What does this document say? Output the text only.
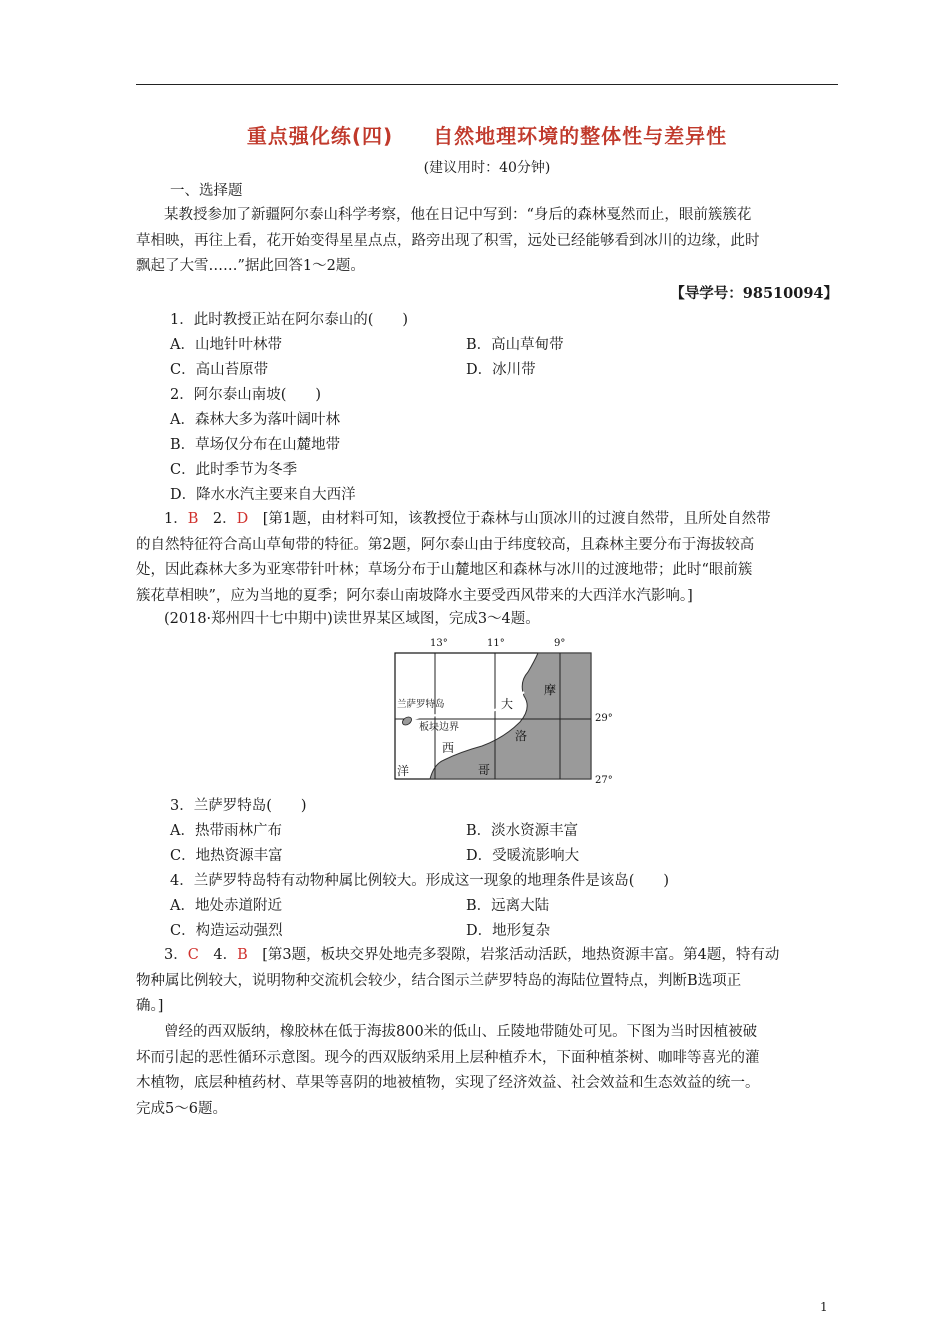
重点强化练(四) 自然地理环境的整体性与差异性
(建议用时：40分钟)
一、选择题
某教授参加了新疆阿尔泰山科学考察，他在日记中写到：“身后的森林戛然而止，眼前簇簇花
草相映，再往上看，花开始变得星星点点，路旁出现了积雪，远处已经能够看到冰川的边缘，此时
飘起了大雪……”据此回答1～2题。
【导学号：98510094】
1．此时教授正站在阿尔泰山的(　　)
A．山地针叶林带	B．高山草甸带
C．高山苔原带	D．冰川带
2．阿尔泰山南坡(　　)
A．森林大多为落叶阔叶林
B．草场仅分布在山麓地带
C．此时季节为冬季
D．降水水汽主要来自大西洋
1．B　 2．D　 [第1题，由材料可知，该教授位于森林与山顶冰川的过渡自然带，且所处自然带
的自然特征符合高山草甸带的特征。第2题，阿尔泰山由于纬度较高，且森林主要分布于海拔较高
处，因此森林大多为亚寒带针叶林；草场分布于山麓地区和森林与冰川的过渡地带；此时“眼前簇
簇花草相映”，应为当地的夏季；阿尔泰山南坡降水主要受西风带来的大西洋水汽影响。]
(2018·郑州四十七中期中)读世界某区域图，完成3～4题。
13°	11°	9°
29°
27°
兰萨罗特岛
板块边界
大
西
洋
摩
洛
哥
3．兰萨罗特岛(　　)
A．热带雨林广布	B．淡水资源丰富
C．地热资源丰富	D．受暖流影响大
4．兰萨罗特岛特有动物种属比例较大。形成这一现象的地理条件是该岛(　　)
A．地处赤道附近	B．远离大陆
C．构造运动强烈	D．地形复杂
3．C　 4．B　 [第3题，板块交界处地壳多裂隙，岩浆活动活跃，地热资源丰富。第4题，特有动
物种属比例较大，说明物种交流机会较少，结合图示兰萨罗特岛的海陆位置特点，判断B选项正
确。]
曾经的西双版纳，橡胶林在低于海拔800米的低山、丘陵地带随处可见。下图为当时因植被破
坏而引起的恶性循环示意图。现今的西双版纳采用上层种植乔木，下面种植茶树、咖啡等喜光的灌
木植物，底层种植药材、草果等喜阴的地被植物，实现了经济效益、社会效益和生态效益的统一。
完成5～6题。
1
